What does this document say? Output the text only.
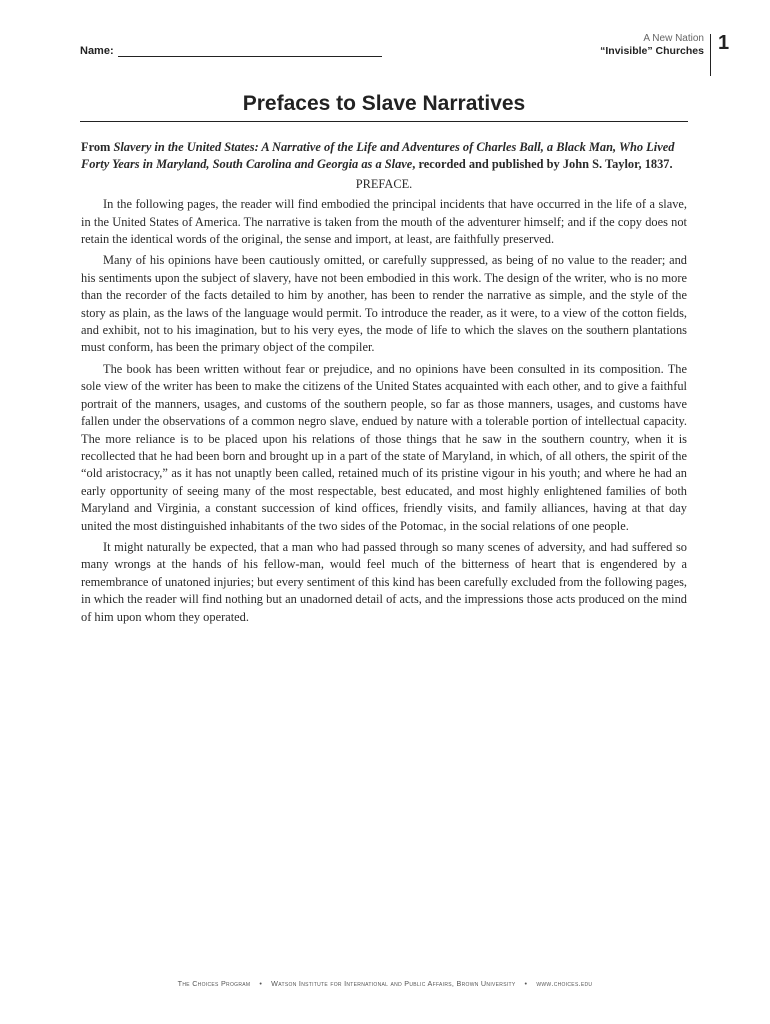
Name:
A New Nation
“Invisible” Churches 1
Prefaces to Slave Narratives

From Slavery in the United States: A Narrative of the Life and Adventures of Charles Ball, a Black Man, Who Lived Forty Years in Maryland, South Carolina and Georgia as a Slave, recorded and published by John S. Taylor, 1837.

PREFACE.

In the following pages, the reader will find embodied the principal incidents that have occurred in the life of a slave, in the United States of America. The narrative is taken from the mouth of the adventurer himself; and if the copy does not retain the identical words of the original, the sense and import, at least, are faithfully preserved.

Many of his opinions have been cautiously omitted, or carefully suppressed, as being of no value to the reader; and his sentiments upon the subject of slavery, have not been embodied in this work. The design of the writer, who is no more than the recorder of the facts detailed to him by another, has been to render the narrative as simple, and the style of the story as plain, as the laws of the language would permit. To introduce the reader, as it were, to a view of the cotton fields, and exhibit, not to his imagination, but to his very eyes, the mode of life to which the slaves on the southern plantations must conform, has been the primary object of the compiler.

The book has been written without fear or prejudice, and no opinions have been consulted in its composition. The sole view of the writer has been to make the citizens of the United States acquainted with each other, and to give a faithful portrait of the manners, usages, and customs of the southern people, so far as those manners, usages, and customs have fallen under the observations of a common negro slave, endued by nature with a tolerable portion of intellectual capacity. The more reliance is to be placed upon his relations of those things that he saw in the southern country, when it is recollected that he had been born and brought up in a part of the state of Maryland, in which, of all others, the spirit of the “old aristocracy,” as it has not unaptly been called, retained much of its pristine vigour in his youth; and where he had an early opportunity of seeing many of the most respectable, best educated, and most highly enlightened families of both Maryland and Virginia, a constant succession of kind offices, friendly visits, and family alliances, having at that day united the most distinguished inhabitants of the two sides of the Potomac, in the social relations of one people.

It might naturally be expected, that a man who had passed through so many scenes of adversity, and had suffered so many wrongs at the hands of his fellow-man, would feel much of the bitterness of heart that is engendered by a remembrance of unatoned injuries; but every sentiment of this kind has been carefully excluded from the following pages, in which the reader will find nothing but an unadorned detail of acts, and the impressions those acts produced on the mind of him upon whom they operated.

The Choices Program • Watson Institute for International and Public Affairs, Brown University • www.choices.edu
